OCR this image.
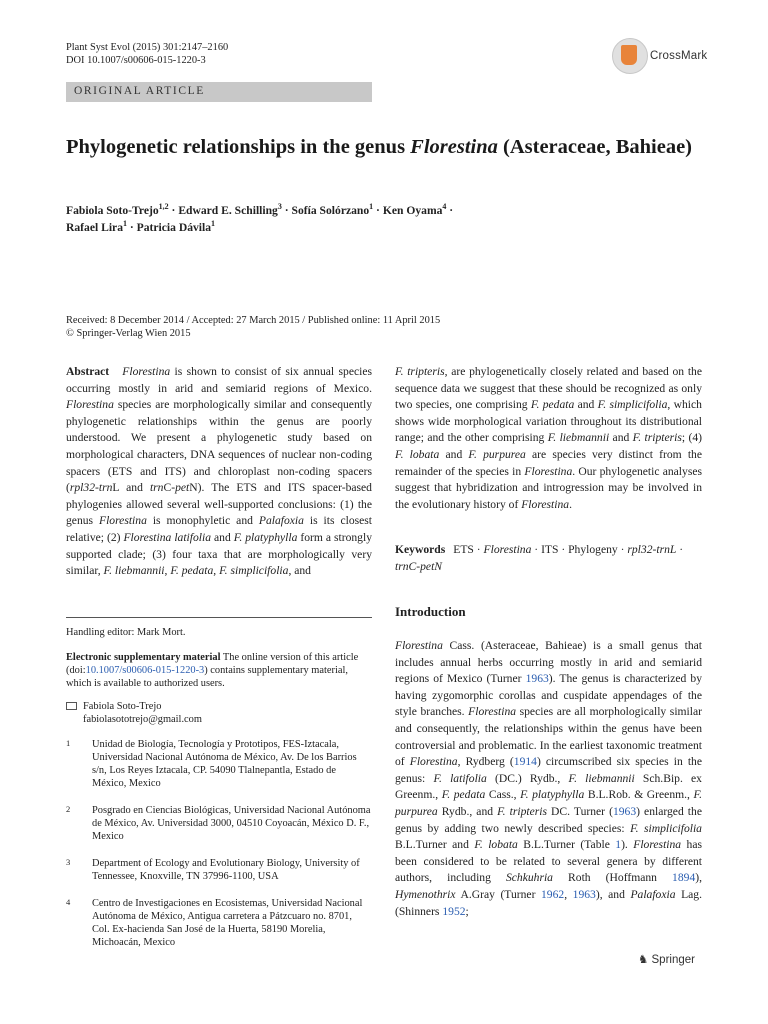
Plant Syst Evol (2015) 301:2147–2160
DOI 10.1007/s00606-015-1220-3	CrossMark
ORIGINAL ARTICLE
Phylogenetic relationships in the genus Florestina (Asteraceae, Bahieae)
Fabiola Soto-Trejo$^{1,2}$ · Edward E. Schilling$^3$ · Sofía Solórzano$^1$ · Ken Oyama$^4$ ·
Rafael Lira$^1$ · Patricia Dávila$^1$
Received: 8 December 2014 / Accepted: 27 March 2015 / Published online: 11 April 2015
© Springer-Verlag Wien 2015

Abstract Florestina is shown to consist of six annual species occurring mostly in arid and semiarid regions of Mexico. Florestina species are morphologically similar and consequently phylogenetic relationships within the genus are poorly understood. We present a phylogenetic study based on morphological characters, DNA sequences of nuclear non-coding spacers (ETS and ITS) and chloroplast non-coding spacers (rpl32-trnL and trnC-petN). The ETS and ITS spacer-based phylogenies allowed several well-supported conclusions: (1) the genus Florestina is monophyletic and Palafoxia is its closest relative; (2) Florestina latifolia and F. platyphylla form a strongly supported clade; (3) four taxa that are morphologically very similar, F. liebmannii, F. pedata, F. simplicifolia, and

F. tripteris, are phylogenetically closely related and based on the sequence data we suggest that these should be recognized as only two species, one comprising F. pedata and F. simplicifolia, which shows wide morphological variation throughout its distributional range; and the other comprising F. liebmannii and F. tripteris; (4) F. lobata and F. purpurea are species very distinct from the remainder of the species in Florestina. Our phylogenetic analyses suggest that hybridization and introgression may be involved in the evolutionary history of Florestina.

Keywords ETS · Florestina · ITS · Phylogeny · rpl32-trnL · trnC-petN
Handling editor: Mark Mort.
Electronic supplementary material The online version of this article (doi:10.1007/s00606-015-1220-3) contains supplementary material, which is available to authorized users.
Fabiola Soto-Trejo
fabiolasototrejo@gmail.com
1	Unidad de Biología, Tecnología y Prototipos, FES-Iztacala, Universidad Nacional Autónoma de México, Av. De los Barrios s/n, Los Reyes Iztacala, CP. 54090 Tlalnepantla, Estado de México, Mexico
2	Posgrado en Ciencias Biológicas, Universidad Nacional Autónoma de México, Av. Universidad 3000, 04510 Coyoacán, México D. F., Mexico
3	Department of Ecology and Evolutionary Biology, University of Tennessee, Knoxville, TN 37996-1100, USA
4	Centro de Investigaciones en Ecosistemas, Universidad Nacional Autónoma de México, Antigua carretera a Pátzcuaro no. 8701, Col. Ex-hacienda San José de la Huerta, 58190 Morelia, Michoacán, Mexico
Introduction

Florestina Cass. (Asteraceae, Bahieae) is a small genus that includes annual herbs occurring mostly in arid and semiarid regions of Mexico (Turner 1963). The genus is characterized by having zygomorphic corollas and cuspidate appendages of the style branches. Florestina species are all morphologically similar and consequently, the relationships within the genus have been controversial and problematic. In the earliest taxonomic treatment of Florestina, Rydberg (1914) circumscribed six species in the genus: F. latifolia (DC.) Rydb., F. liebmannii Sch.Bip. ex Greenm., F. pedata Cass., F. platyphylla B.L.Rob. & Greenm., F. purpurea Rydb., and F. tripteris DC. Turner (1963) enlarged the genus by adding two newly described species: F. simplicifolia B.L.Turner and F. lobata B.L.Turner (Table 1). Florestina has been considered to be related to several genera by different authors, including Schkuhria Roth (Hoffmann 1894), Hymenothrix A.Gray (Turner 1962, 1963), and Palafoxia Lag. (Shinners 1952;

♞ Springer
